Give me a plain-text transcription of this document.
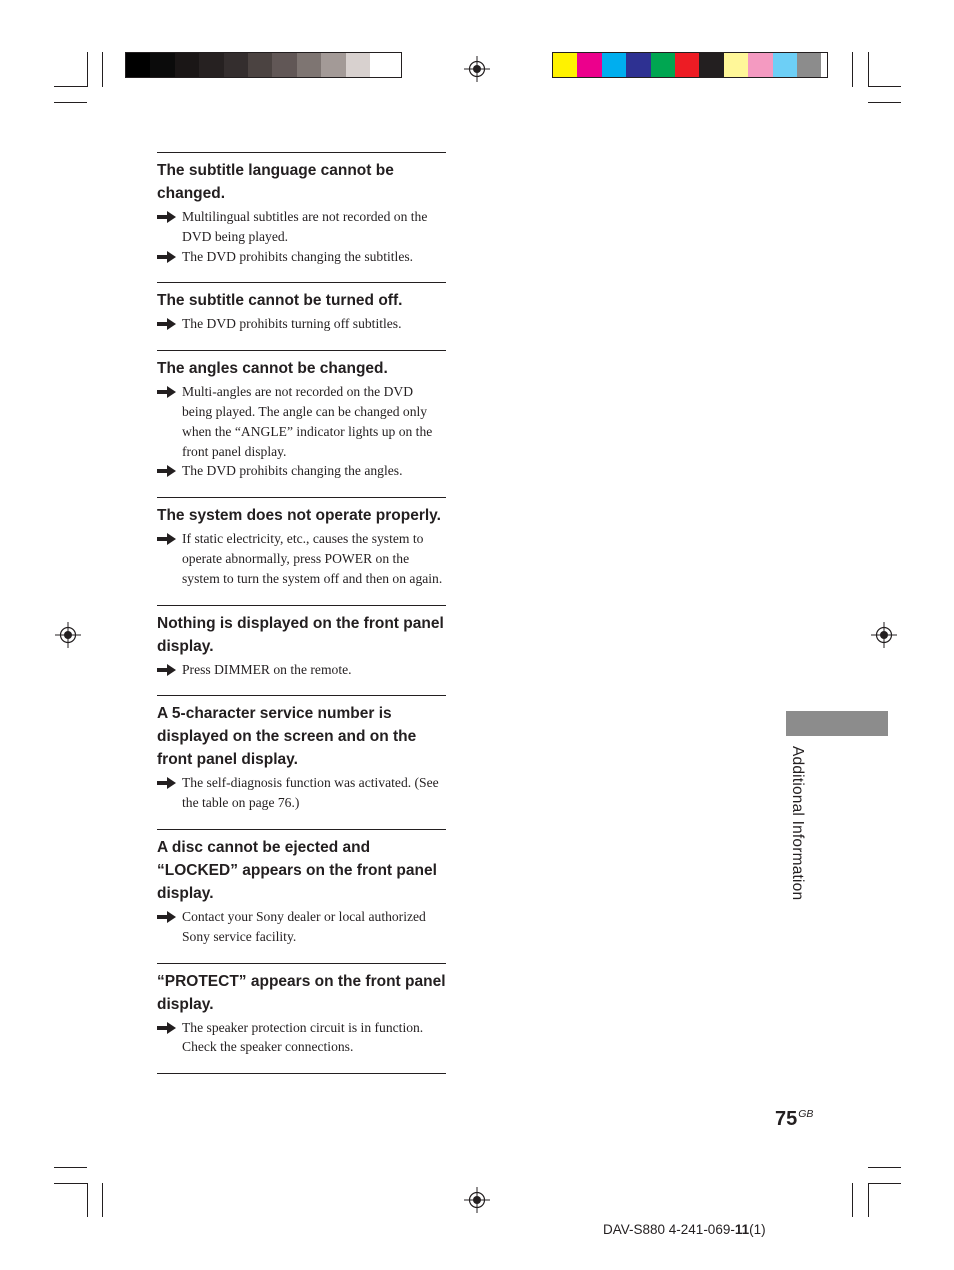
The subtitle language cannot be changed.
Multilingual subtitles are not recorded on the DVD being played.
The DVD prohibits changing the subtitles.
The subtitle cannot be turned off.
The DVD prohibits turning off subtitles.
The angles cannot be changed.
Multi-angles are not recorded on the DVD being played. The angle can be changed only when the “ANGLE” indicator lights up on the front panel display.
The DVD prohibits changing the angles.
The system does not operate properly.
If static electricity, etc., causes the system to operate abnormally, press POWER on the system to turn the system off and then on again.
Nothing is displayed on the front panel display.
Press DIMMER on the remote.
A 5-character service number is displayed on the screen and on the front panel display.
The self-diagnosis function was activated. (See the table on page 76.)
A disc cannot be ejected and “LOCKED” appears on the front panel display.
Contact your Sony dealer or local authorized Sony service facility.
“PROTECT” appears on the front panel display.
The speaker protection circuit is in function. Check the speaker connections.
Additional Information
$75^{GB}$
DAV-S880 4-241-069-11(1)
